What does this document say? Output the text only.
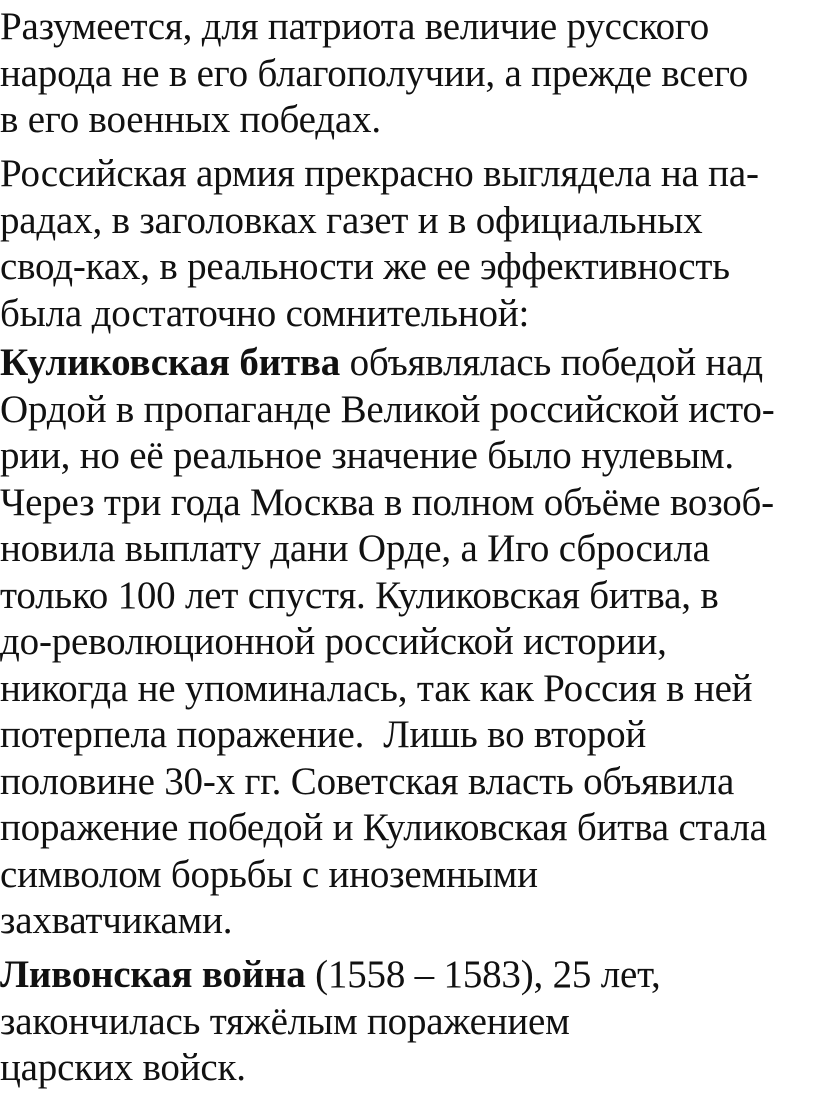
Разумеется, для патриота величие русского
народа не в его благополучии, а прежде всего
в его военных победах.

Российская армия прекрасно выглядела на па-
радах, в заголовках газет и в официальных
свод-ках, в реальности же ее эффективность
была достаточно сомнительной:

Куликовская битва объявлялась победой над
Ордой в пропаганде Великой российской исто-
рии, но её реальное значение было нулевым.
Через три года Москва в полном объёме возоб-
новила выплату дани Орде, а Иго сбросила
только 100 лет спустя. Куликовская битва, в
до-революционной российской истории,
никогда не упоминалась, так как Россия в ней
потерпела поражение.  Лишь во второй
половине 30-х гг. Советская власть объявила
поражение победой и Куликовская битва стала
символом борьбы с иноземными
захватчиками.

Ливонская война (1558 – 1583), 25 лет,
закончилась тяжёлым поражением
царских войск.
